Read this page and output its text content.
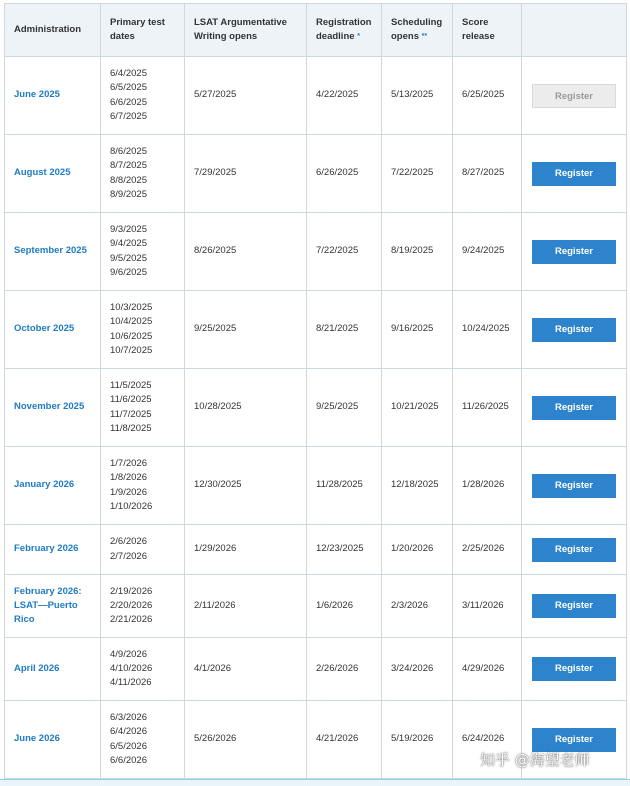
Administration	Primary test dates	LSAT Argumentative Writing opens	Registration deadline *	Scheduling opens **	Score release	
June 2025	6/4/2025
6/5/2025
6/6/2025
6/7/2025	5/27/2025	4/22/2025	5/13/2025	6/25/2025	Register
August 2025	8/6/2025
8/7/2025
8/8/2025
8/9/2025	7/29/2025	6/26/2025	7/22/2025	8/27/2025	Register
September 2025	9/3/2025
9/4/2025
9/5/2025
9/6/2025	8/26/2025	7/22/2025	8/19/2025	9/24/2025	Register
October 2025	10/3/2025
10/4/2025
10/6/2025
10/7/2025	9/25/2025	8/21/2025	9/16/2025	10/24/2025	Register
November 2025	11/5/2025
11/6/2025
11/7/2025
11/8/2025	10/28/2025	9/25/2025	10/21/2025	11/26/2025	Register
January 2026	1/7/2026
1/8/2026
1/9/2026
1/10/2026	12/30/2025	11/28/2025	12/18/2025	1/28/2026	Register
February 2026	2/6/2026
2/7/2026	1/29/2026	12/23/2025	1/20/2026	2/25/2026	Register
February 2026: LSAT—Puerto Rico	2/19/2026
2/20/2026
2/21/2026	2/11/2026	1/6/2026	2/3/2026	3/11/2026	Register
April 2026	4/9/2026
4/10/2026
4/11/2026	4/1/2026	2/26/2026	3/24/2026	4/29/2026	Register
June 2026	6/3/2026
6/4/2026
6/5/2026
6/6/2026	5/26/2026	4/21/2026	5/19/2026	6/24/2026	Register
知乎 @海望老师
